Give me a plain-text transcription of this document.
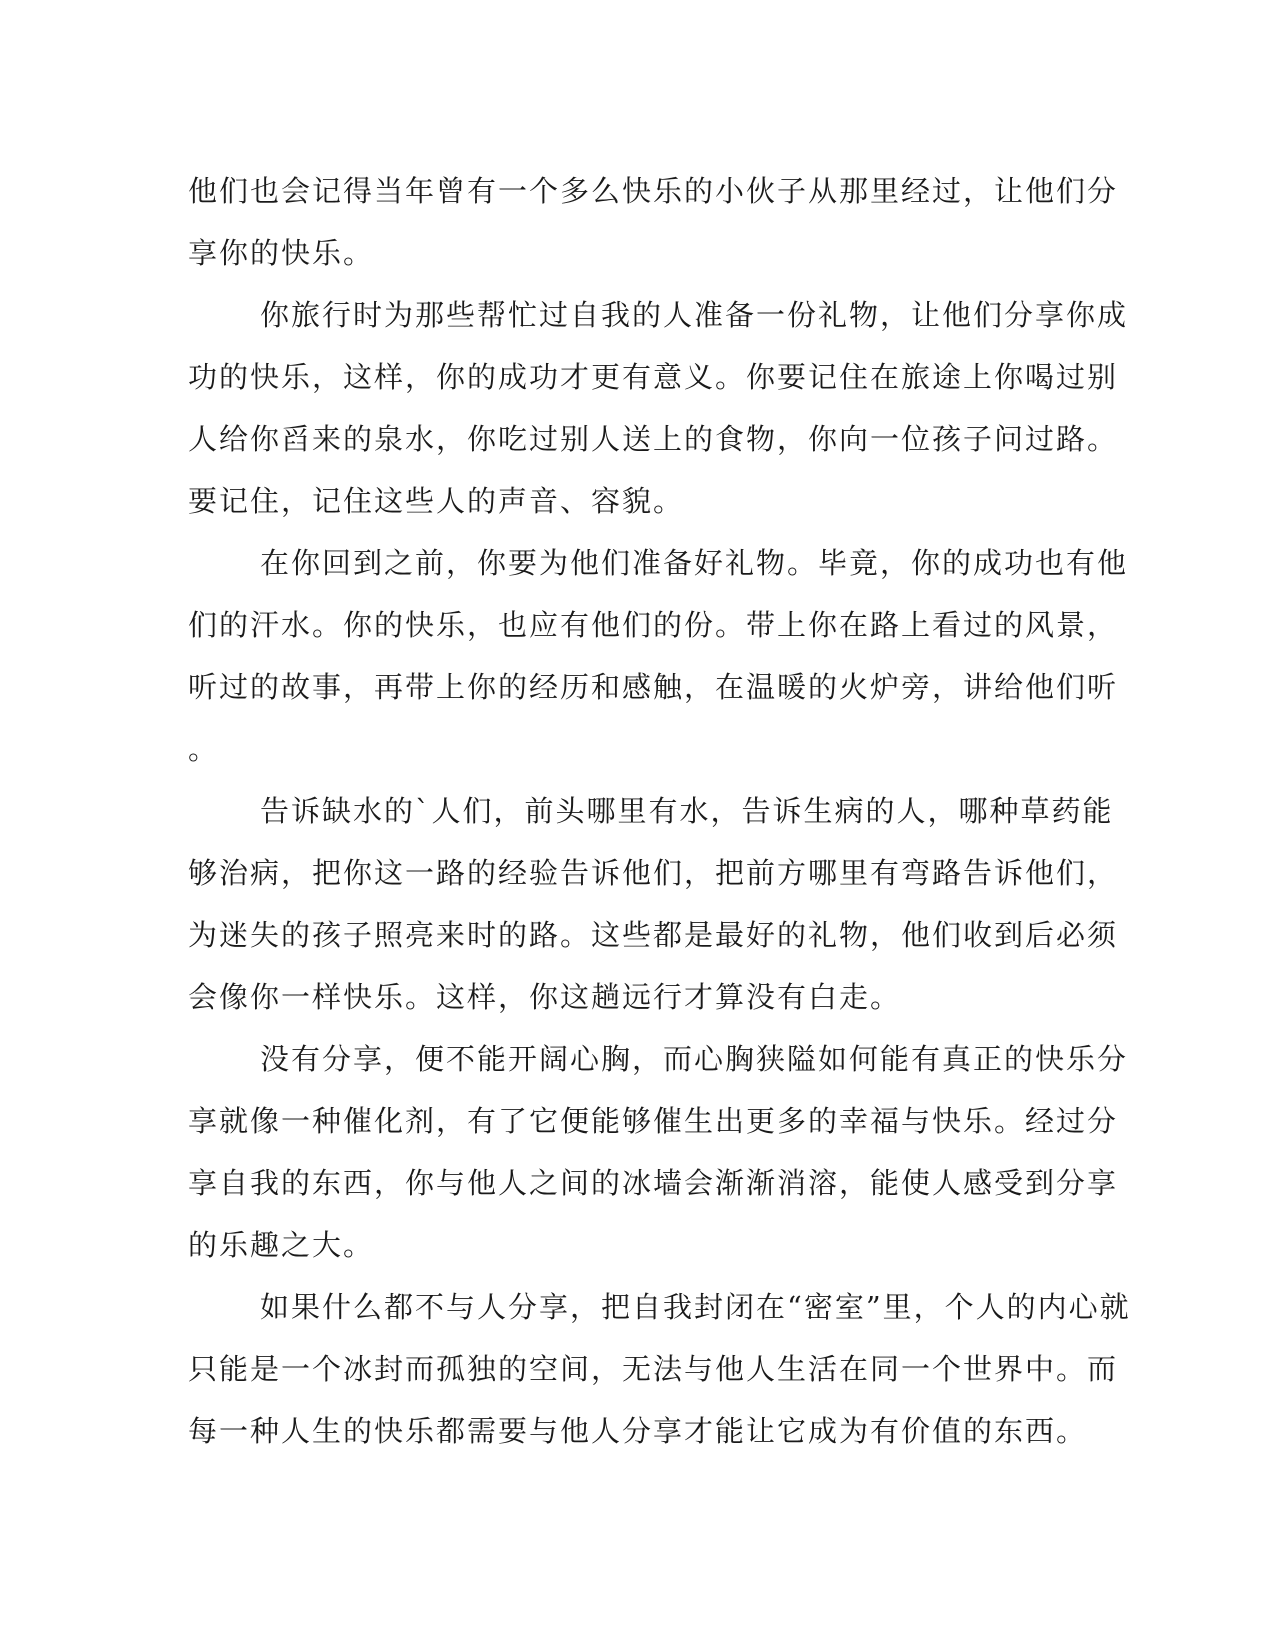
他们也会记得当年曾有一个多么快乐的小伙子从那里经过，让他们分
享你的快乐。
你旅行时为那些帮忙过自我的人准备一份礼物，让他们分享你成
功的快乐，这样，你的成功才更有意义。你要记住在旅途上你喝过别
人给你舀来的泉水，你吃过别人送上的食物，你向一位孩子问过路。
要记住，记住这些人的声音、容貌。
在你回到之前，你要为他们准备好礼物。毕竟，你的成功也有他
们的汗水。你的快乐，也应有他们的份。带上你在路上看过的风景，
听过的故事，再带上你的经历和感触，在温暖的火炉旁，讲给他们听
。
告诉缺水的`人们，前头哪里有水，告诉生病的人，哪种草药能
够治病，把你这一路的经验告诉他们，把前方哪里有弯路告诉他们，
为迷失的孩子照亮来时的路。这些都是最好的礼物，他们收到后必须
会像你一样快乐。这样，你这趟远行才算没有白走。
没有分享，便不能开阔心胸，而心胸狭隘如何能有真正的快乐分
享就像一种催化剂，有了它便能够催生出更多的幸福与快乐。经过分
享自我的东西，你与他人之间的冰墙会渐渐消溶，能使人感受到分享
的乐趣之大。
如果什么都不与人分享，把自我封闭在“密室”里，个人的内心就
只能是一个冰封而孤独的空间，无法与他人生活在同一个世界中。而
每一种人生的快乐都需要与他人分享才能让它成为有价值的东西。
